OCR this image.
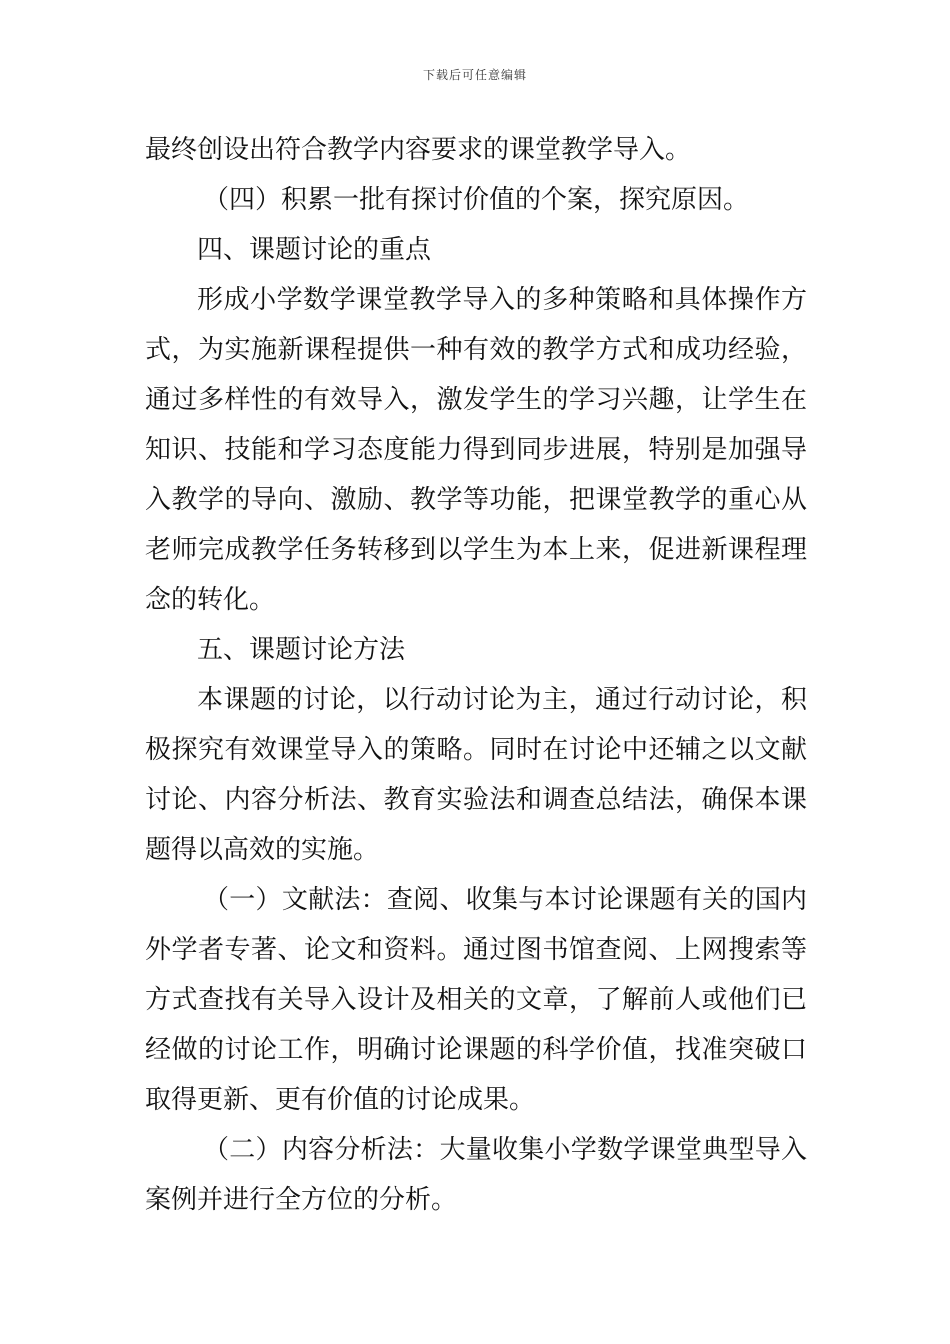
下载后可任意编辑
最终创设出符合教学内容要求的课堂教学导入。
（四）积累一批有探讨价值的个案，探究原因。
四、课题讨论的重点
形成小学数学课堂教学导入的多种策略和具体操作方
式，为实施新课程提供一种有效的教学方式和成功经验，
通过多样性的有效导入，激发学生的学习兴趣，让学生在
知识、技能和学习态度能力得到同步进展，特别是加强导
入教学的导向、激励、教学等功能，把课堂教学的重心从
老师完成教学任务转移到以学生为本上来，促进新课程理
念的转化。
五、课题讨论方法
本课题的讨论，以行动讨论为主，通过行动讨论，积
极探究有效课堂导入的策略。同时在讨论中还辅之以文献
讨论、内容分析法、教育实验法和调查总结法，确保本课
题得以高效的实施。
（一）文献法：查阅、收集与本讨论课题有关的国内
外学者专著、论文和资料。通过图书馆查阅、上网搜索等
方式查找有关导入设计及相关的文章，了解前人或他们已
经做的讨论工作，明确讨论课题的科学价值，找准突破口
取得更新、更有价值的讨论成果。
（二）内容分析法：大量收集小学数学课堂典型导入
案例并进行全方位的分析。
